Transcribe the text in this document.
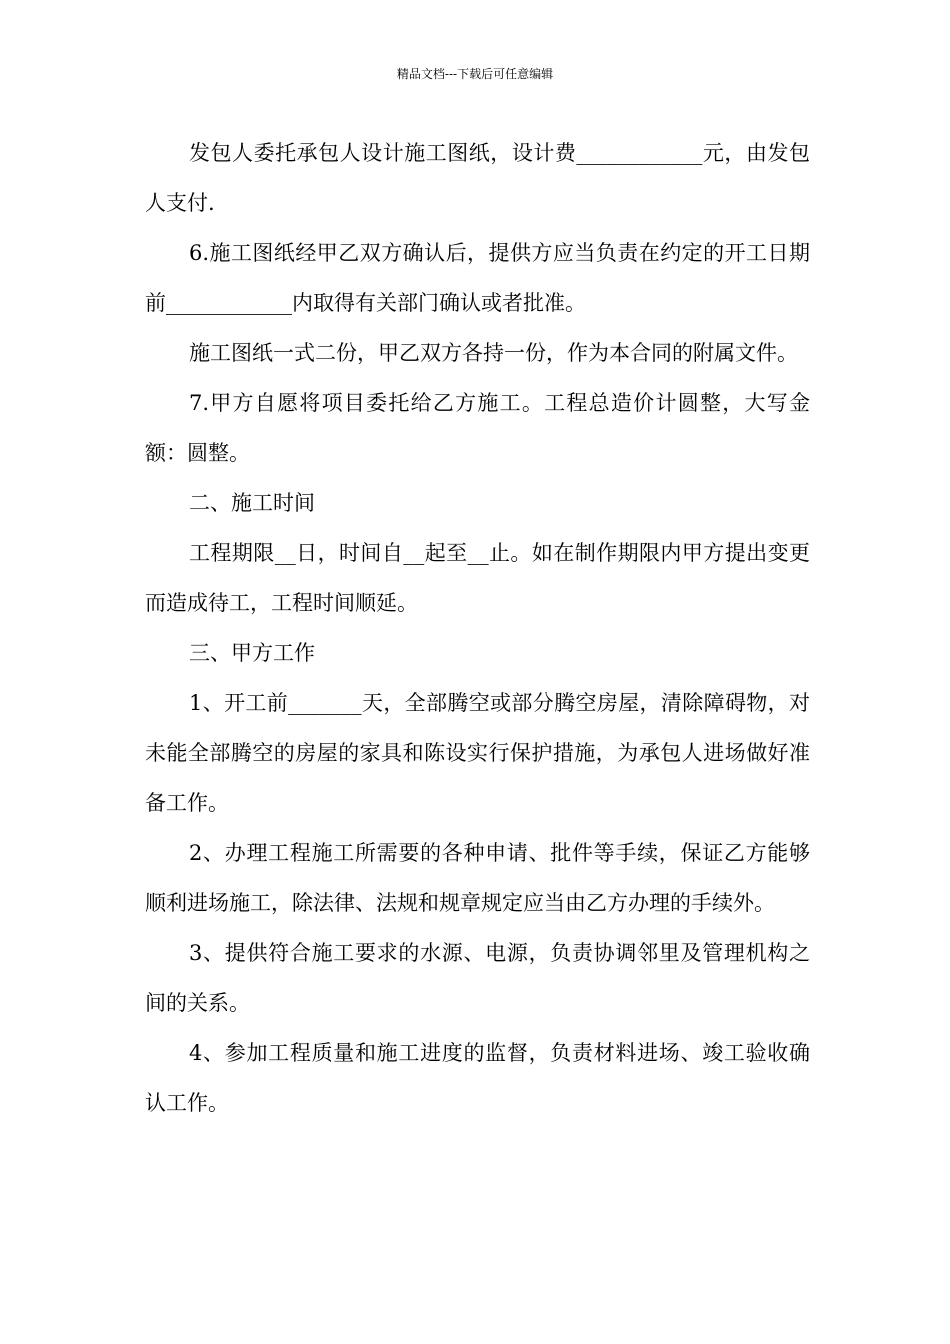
精品文档---下载后可任意编辑

发包人委托承包人设计施工图纸，设计费____________元，由发包人支付.

6.施工图纸经甲乙双方确认后，提供方应当负责在约定的开工日期前____________内取得有关部门确认或者批准。

施工图纸一式二份，甲乙双方各持一份，作为本合同的附属文件。

7.甲方自愿将项目委托给乙方施工。工程总造价计圆整，大写金额：圆整。

二、施工时间

工程期限__日，时间自__起至__止。如在制作期限内甲方提出变更而造成待工，工程时间顺延。

三、甲方工作

1、开工前_______天，全部腾空或部分腾空房屋，清除障碍物，对未能全部腾空的房屋的家具和陈设实行保护措施，为承包人进场做好准备工作。

2、办理工程施工所需要的各种申请、批件等手续，保证乙方能够顺利进场施工，除法律、法规和规章规定应当由乙方办理的手续外。

3、提供符合施工要求的水源、电源，负责协调邻里及管理机构之间的关系。

4、参加工程质量和施工进度的监督，负责材料进场、竣工验收确认工作。
